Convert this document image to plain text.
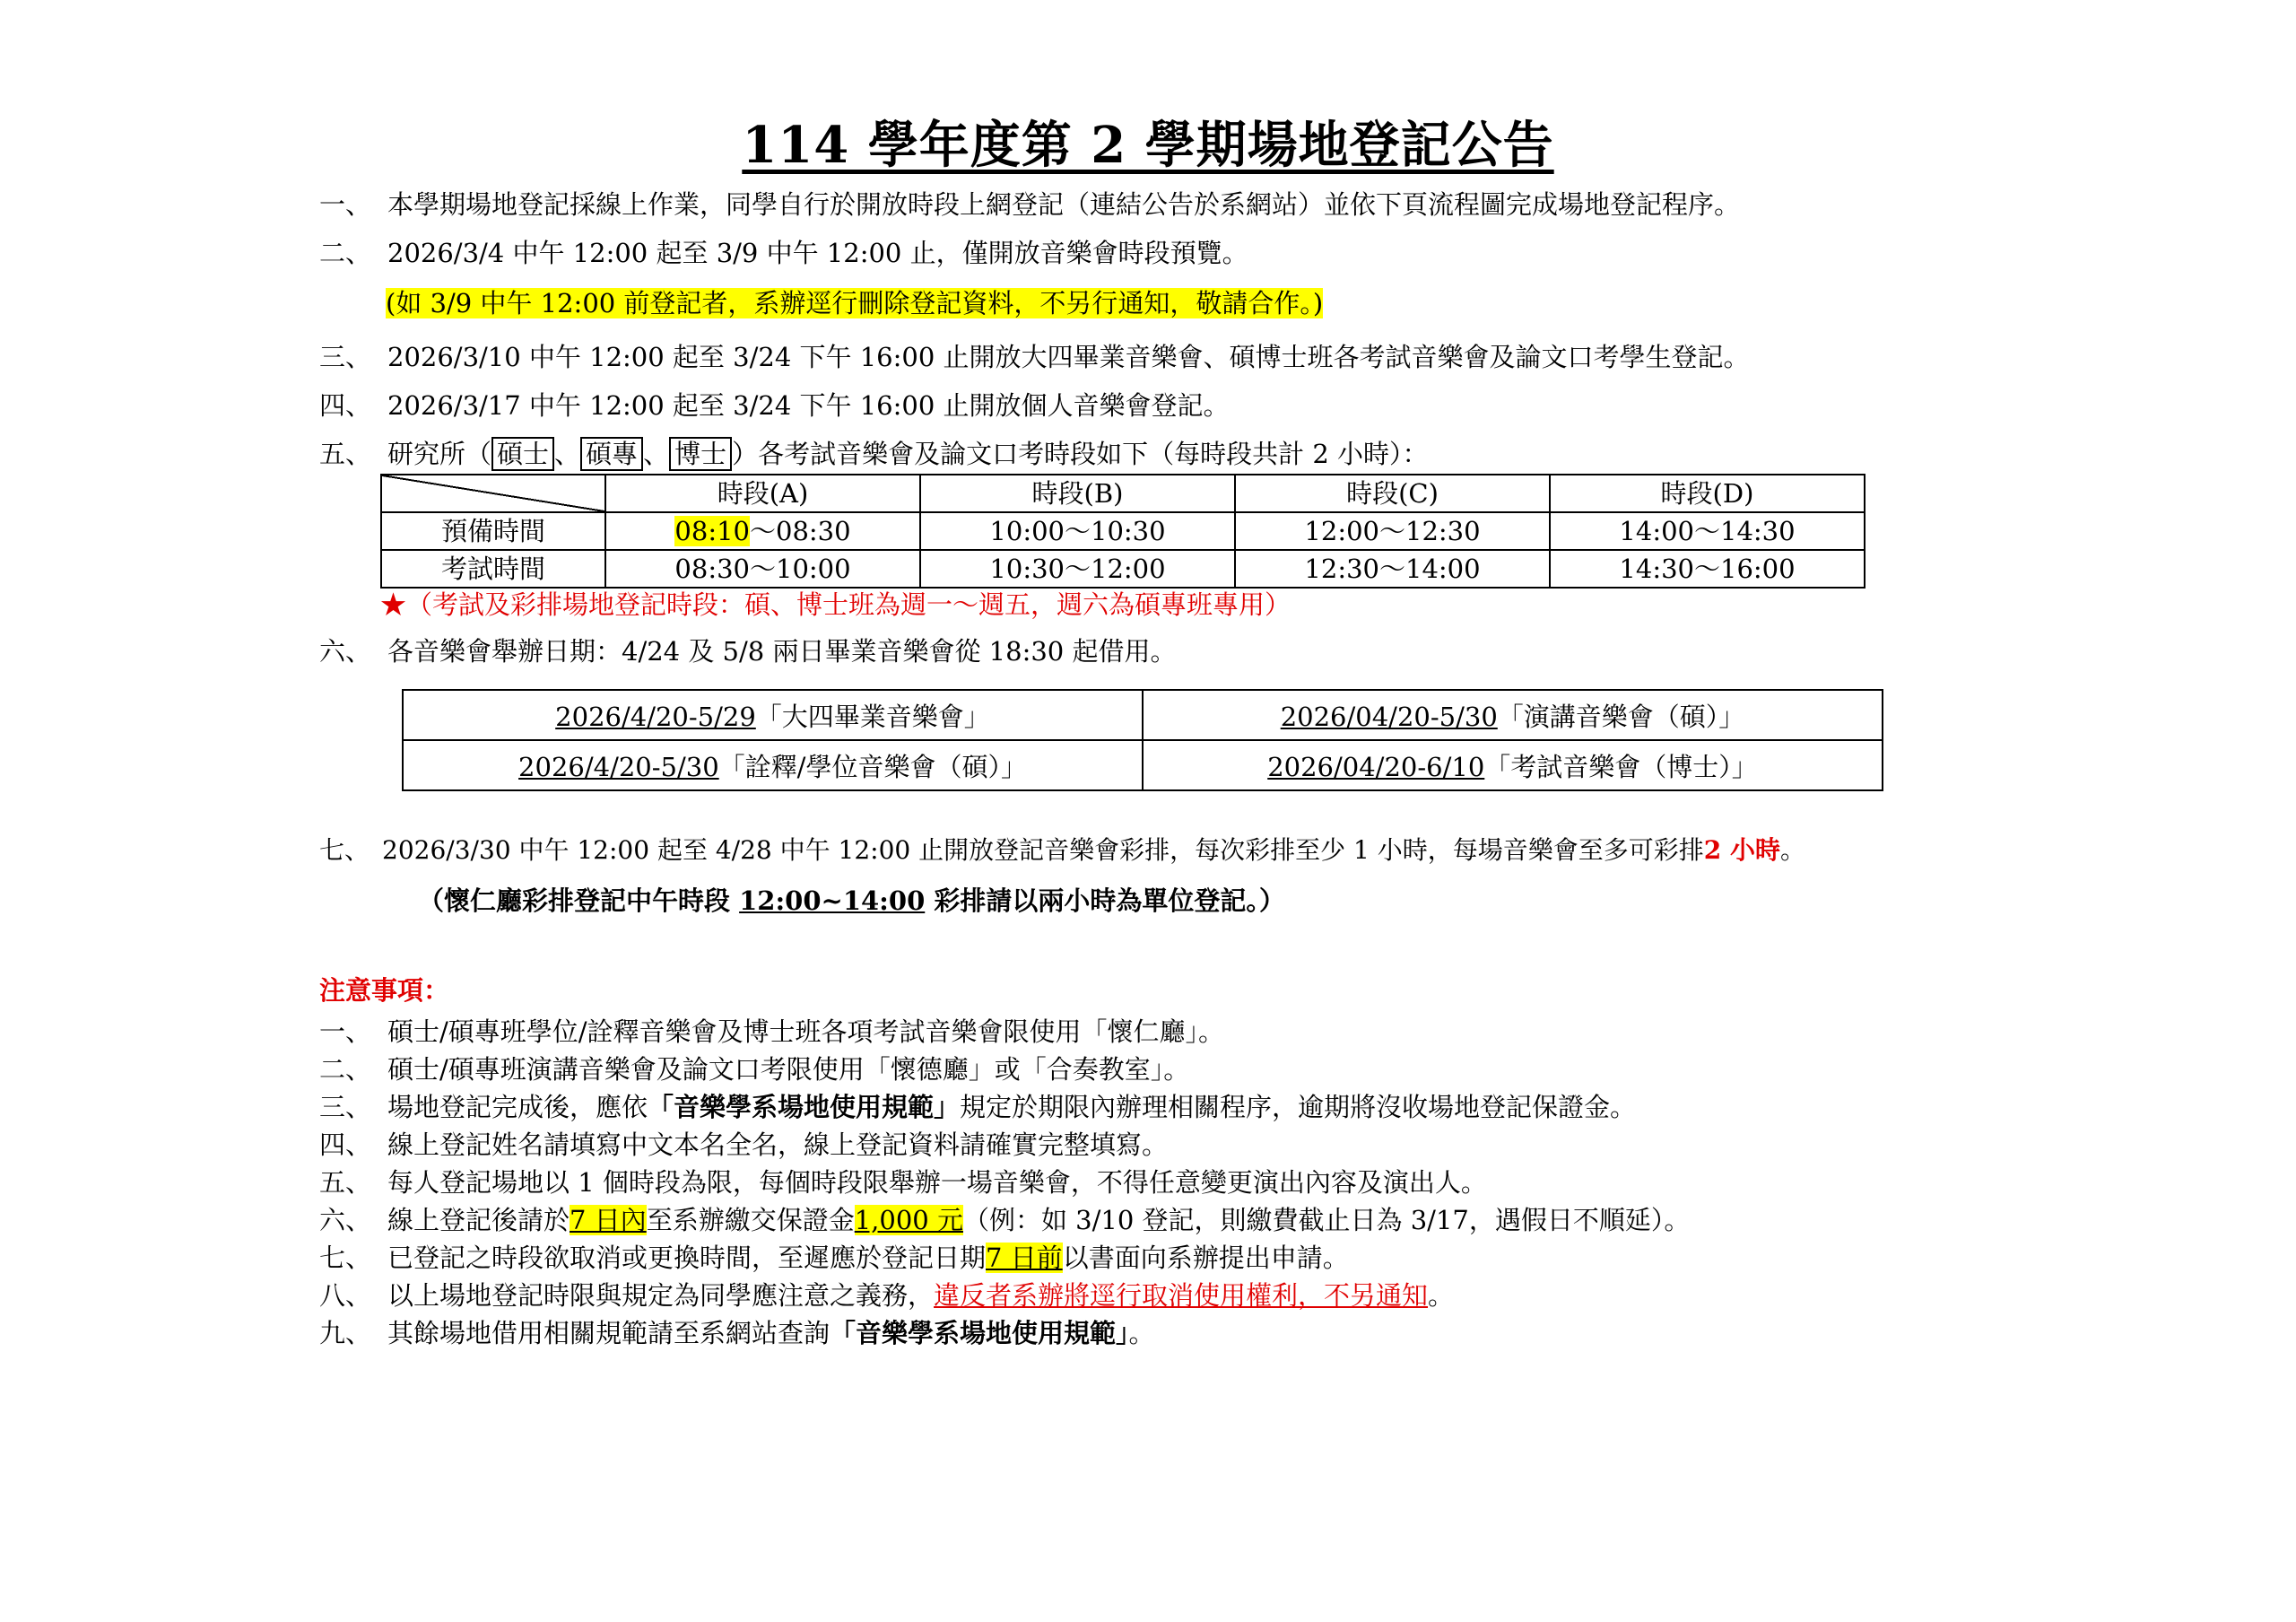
114 學年度第 2 學期場地登記公告
一、 本學期場地登記採線上作業，同學自行於開放時段上網登記（連結公告於系網站）並依下頁流程圖完成場地登記程序。
二、 2026/3/4 中午 12:00 起至 3/9 中午 12:00 止，僅開放音樂會時段預覽。
(如 3/9 中午 12:00 前登記者，系辦逕行刪除登記資料，不另行通知，敬請合作。)
三、 2026/3/10 中午 12:00 起至 3/24 下午 16:00 止開放大四畢業音樂會、碩博士班各考試音樂會及論文口考學生登記。
四、 2026/3/17 中午 12:00 起至 3/24 下午 16:00 止開放個人音樂會登記。
五、 研究所（ 碩士 、 碩專 、 博士 ）各考試音樂會及論文口考時段如下（每時段共計 2 小時）：
	時段(A)	時段(B)	時段(C)	時段(D)
預備時間	08:10～08:30	10:00～10:30	12:00～12:30	14:00～14:30
考試時間	08:30～10:00	10:30～12:00	12:30～14:00	14:30～16:00
★（考試及彩排場地登記時段：碩、博士班為週一～週五，週六為碩專班專用）
六、 各音樂會舉辦日期：4/24 及 5/8 兩日畢業音樂會從 18:30 起借用。
2026/4/20-5/29「大四畢業音樂會」	2026/04/20-5/30「演講音樂會（碩）」
2026/4/20-5/30「詮釋/學位音樂會（碩）」	2026/04/20-6/10「考試音樂會（博士）」
七、 2026/3/30 中午 12:00 起至 4/28 中午 12:00 止開放登記音樂會彩排，每次彩排至少 1 小時，每場音樂會至多可彩排2 小時。
（懷仁廳彩排登記中午時段 12:00~14:00 彩排請以兩小時為單位登記。）
注意事項：
一、 碩士/碩專班學位/詮釋音樂會及博士班各項考試音樂會限使用「懷仁廳」。
二、 碩士/碩專班演講音樂會及論文口考限使用「懷德廳」或「合奏教室」。
三、 場地登記完成後，應依「音樂學系場地使用規範」規定於期限內辦理相關程序，逾期將沒收場地登記保證金。
四、 線上登記姓名請填寫中文本名全名，線上登記資料請確實完整填寫。
五、 每人登記場地以 1 個時段為限，每個時段限舉辦一場音樂會，不得任意變更演出內容及演出人。
六、 線上登記後請於7 日內至系辦繳交保證金1,000 元（例：如 3/10 登記，則繳費截止日為 3/17，遇假日不順延）。
七、 已登記之時段欲取消或更換時間，至遲應於登記日期7 日前以書面向系辦提出申請。
八、 以上場地登記時限與規定為同學應注意之義務，違反者系辦將逕行取消使用權利，不另通知。
九、 其餘場地借用相關規範請至系網站查詢「音樂學系場地使用規範」。
